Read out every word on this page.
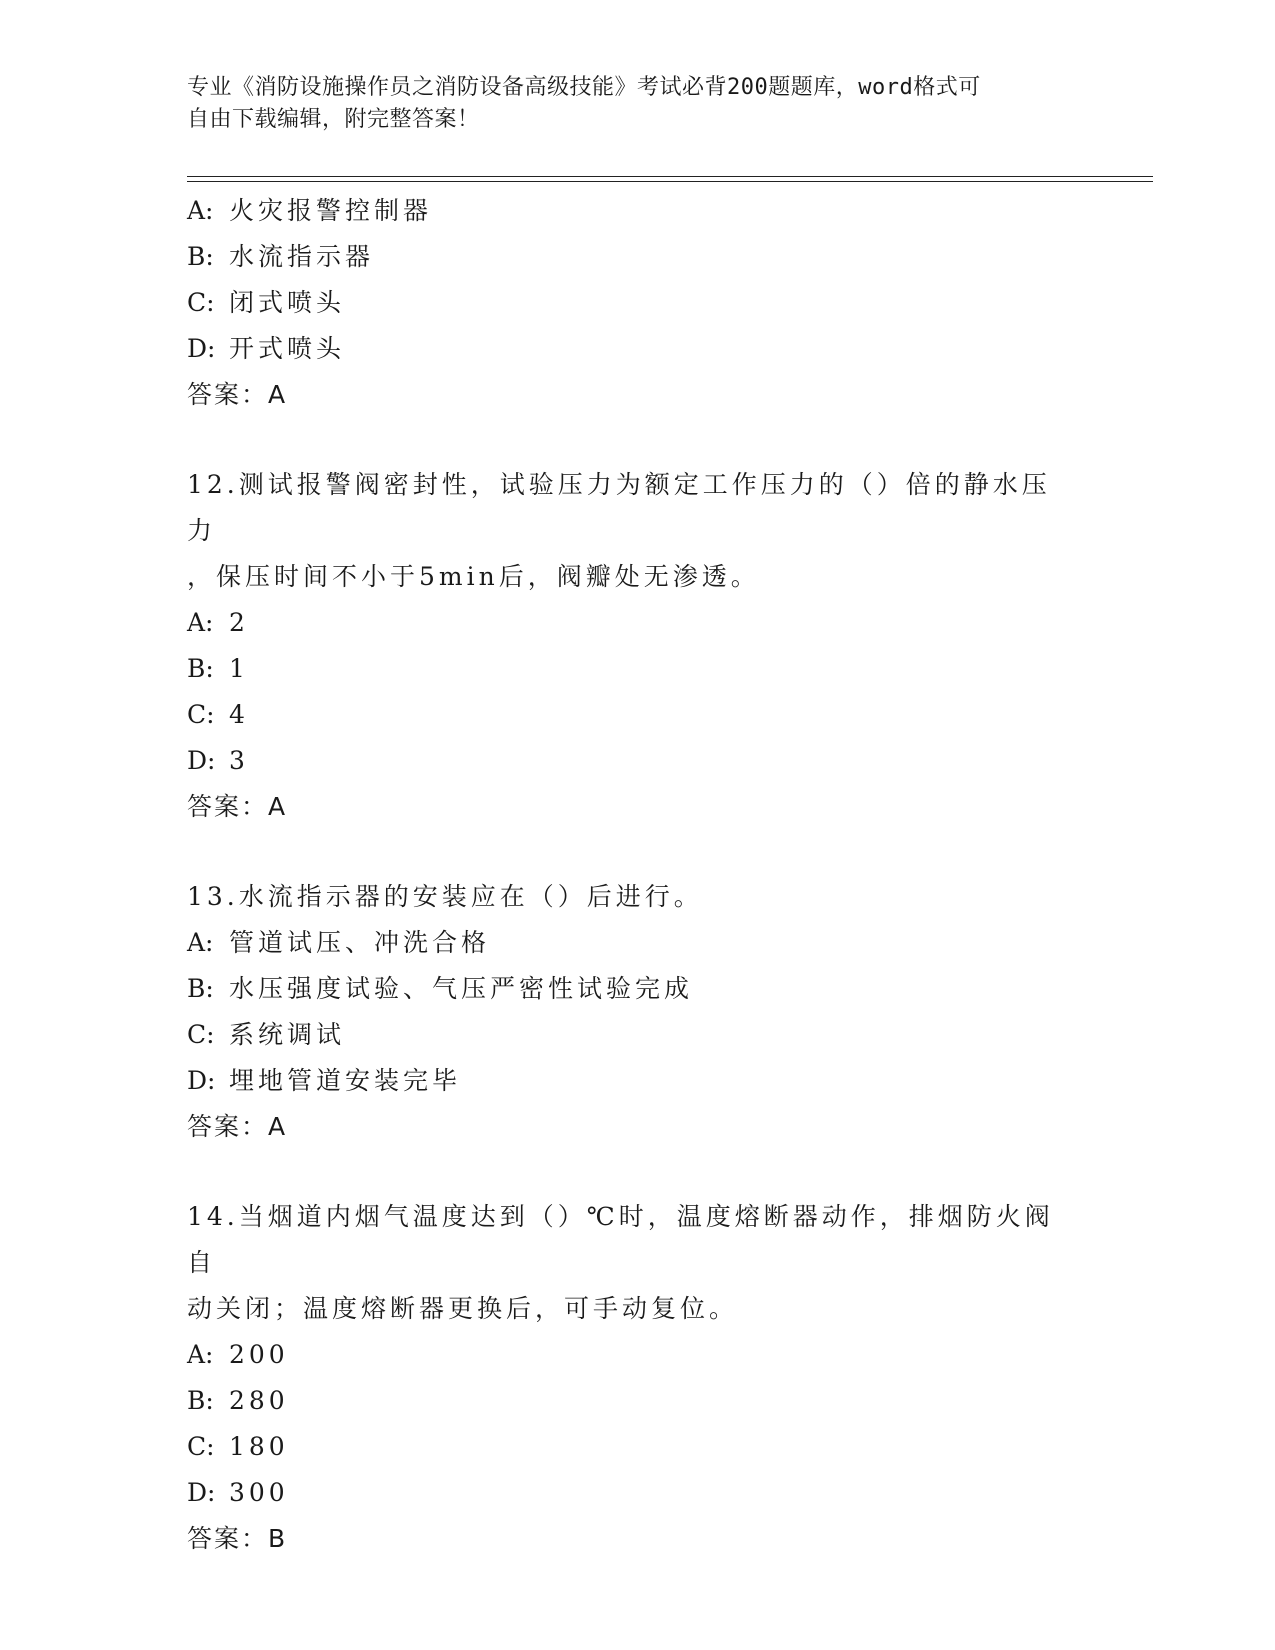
专业《消防设施操作员之消防设备高级技能》考试必背200题题库，word格式可
自由下载编辑，附完整答案！
A: 火灾报警控制器
B: 水流指示器
C: 闭式喷头
D: 开式喷头
答案：A
12.测试报警阀密封性，试验压力为额定工作压力的（）倍的静水压力
，保压时间不小于5min后，阀瓣处无渗透。
A: 2
B: 1
C: 4
D: 3
答案：A
13.水流指示器的安装应在（）后进行。
A: 管道试压、冲洗合格
B: 水压强度试验、气压严密性试验完成
C: 系统调试
D: 埋地管道安装完毕
答案：A
14.当烟道内烟气温度达到（）℃时，温度熔断器动作，排烟防火阀自
动关闭；温度熔断器更换后，可手动复位。
A: 200
B: 280
C: 180
D: 300
答案：B
